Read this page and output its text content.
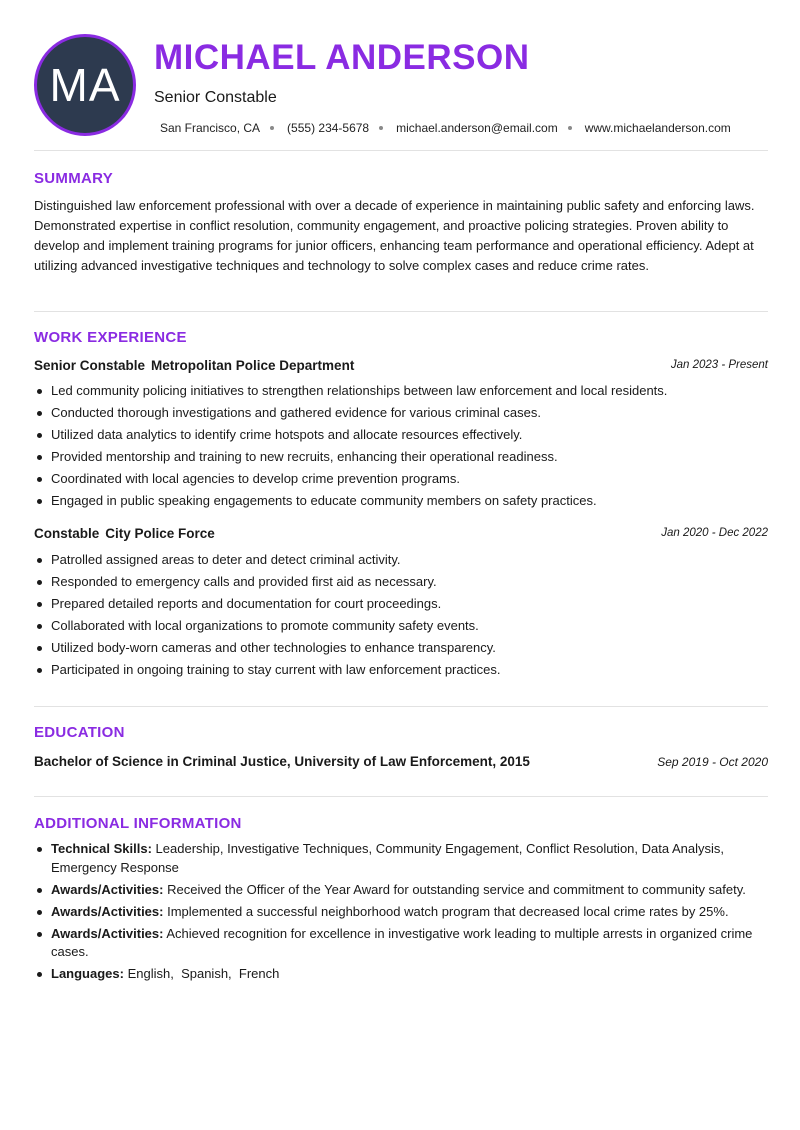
MA
MICHAEL ANDERSON
Senior Constable
San Francisco, CA (555) 234-5678 michael.anderson@email.com www.michaelanderson.com
SUMMARY
Distinguished law enforcement professional with over a decade of experience in maintaining public safety and enforcing laws. Demonstrated expertise in conflict resolution, community engagement, and proactive policing strategies. Proven ability to develop and implement training programs for junior officers, enhancing team performance and operational efficiency. Adept at utilizing advanced investigative techniques and technology to solve complex cases and reduce crime rates.
WORK EXPERIENCE
Senior Constable Metropolitan Police Department	Jan 2023 - Present
Led community policing initiatives to strengthen relationships between law enforcement and local residents.
Conducted thorough investigations and gathered evidence for various criminal cases.
Utilized data analytics to identify crime hotspots and allocate resources effectively.
Provided mentorship and training to new recruits, enhancing their operational readiness.
Coordinated with local agencies to develop crime prevention programs.
Engaged in public speaking engagements to educate community members on safety practices.
Constable City Police Force	Jan 2020 - Dec 2022
Patrolled assigned areas to deter and detect criminal activity.
Responded to emergency calls and provided first aid as necessary.
Prepared detailed reports and documentation for court proceedings.
Collaborated with local organizations to promote community safety events.
Utilized body-worn cameras and other technologies to enhance transparency.
Participated in ongoing training to stay current with law enforcement practices.
EDUCATION
Bachelor of Science in Criminal Justice, University of Law Enforcement, 2015	Sep 2019 - Oct 2020
ADDITIONAL INFORMATION
Technical Skills: Leadership, Investigative Techniques, Community Engagement, Conflict Resolution, Data Analysis, Emergency Response
Awards/Activities: Received the Officer of the Year Award for outstanding service and commitment to community safety.
Awards/Activities: Implemented a successful neighborhood watch program that decreased local crime rates by 25%.
Awards/Activities: Achieved recognition for excellence in investigative work leading to multiple arrests in organized crime cases.
Languages: English,  Spanish,  French
